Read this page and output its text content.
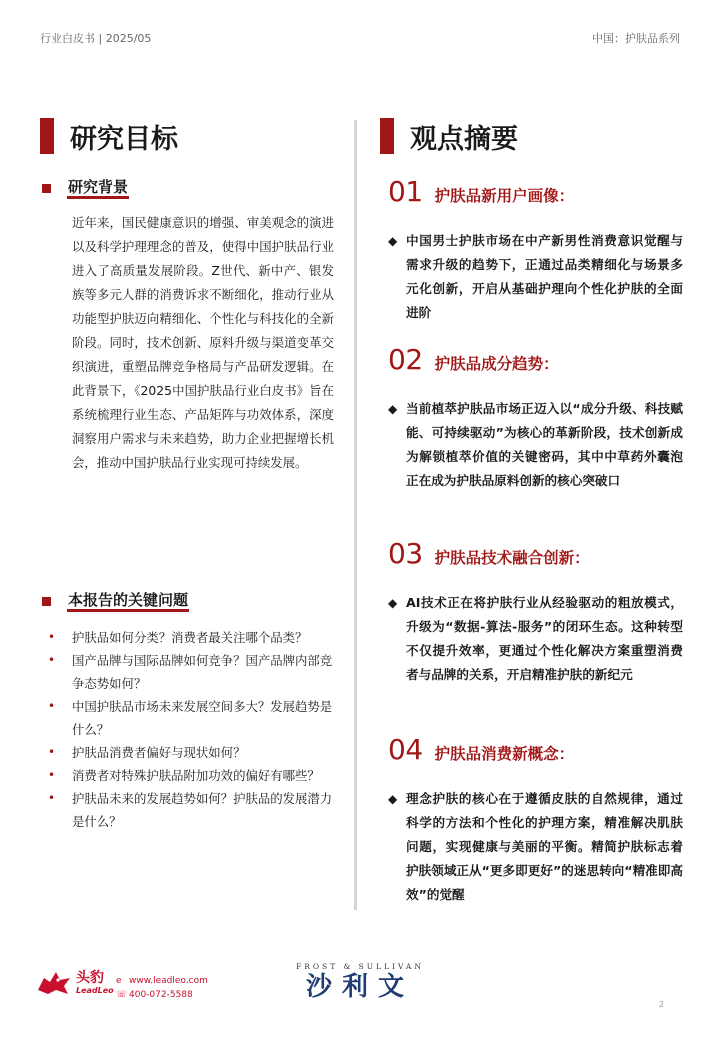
行业白皮书 | 2025/05	中国：护肤品系列
研究目标	观点摘要
研究背景

近年来，国民健康意识的增强、审美观念的演进以及科学护理理念的普及，使得中国护肤品行业进入了高质量发展阶段。Z世代、新中产、银发族等多元人群的消费诉求不断细化，推动行业从功能型护肤迈向精细化、个性化与科技化的全新阶段。同时，技术创新、原料升级与渠道变革交织演进，重塑品牌竞争格局与产品研发逻辑。在此背景下，《2025中国护肤品行业白皮书》旨在系统梳理行业生态、产品矩阵与功效体系，深度洞察用户需求与未来趋势，助力企业把握增长机会，推动中国护肤品行业实现可持续发展。

本报告的关键问题
• 护肤品如何分类？消费者最关注哪个品类？
• 国产品牌与国际品牌如何竞争？国产品牌内部竞争态势如何？
• 中国护肤品市场未来发展空间多大？发展趋势是什么？
• 护肤品消费者偏好与现状如何？
• 消费者对特殊护肤品附加功效的偏好有哪些？
• 护肤品未来的发展趋势如何？护肤品的发展潜力是什么？
01 护肤品新用户画像：
◆ 中国男士护肤市场在中产新男性消费意识觉醒与需求升级的趋势下，正通过品类精细化与场景多元化创新，开启从基础护理向个性化护肤的全面进阶
02 护肤品成分趋势：
◆ 当前植萃护肤品市场正迈入以“成分升级、科技赋能、可持续驱动”为核心的革新阶段，技术创新成为解锁植萃价值的关键密码，其中中草药外囊泡正在成为护肤品原料创新的核心突破口
03 护肤品技术融合创新：
◆ AI技术正在将护肤行业从经验驱动的粗放模式，升级为“数据-算法-服务”的闭环生态。这种转型不仅提升效率，更通过个性化解决方案重塑消费者与品牌的关系，开启精准护肤的新纪元
04 护肤品消费新概念：
◆ 理念护肤的核心在于遵循皮肤的自然规律，通过科学的方法和个性化的护理方案，精准解决肌肤问题，实现健康与美丽的平衡。精简护肤标志着护肤领域正从“更多即更好”的迷思转向“精准即高效”的觉醒
头豹
LeadLeo
e www.leadleo.com
☏ 400-072-5588
FROST & SULLIVAN
沙利文
2
